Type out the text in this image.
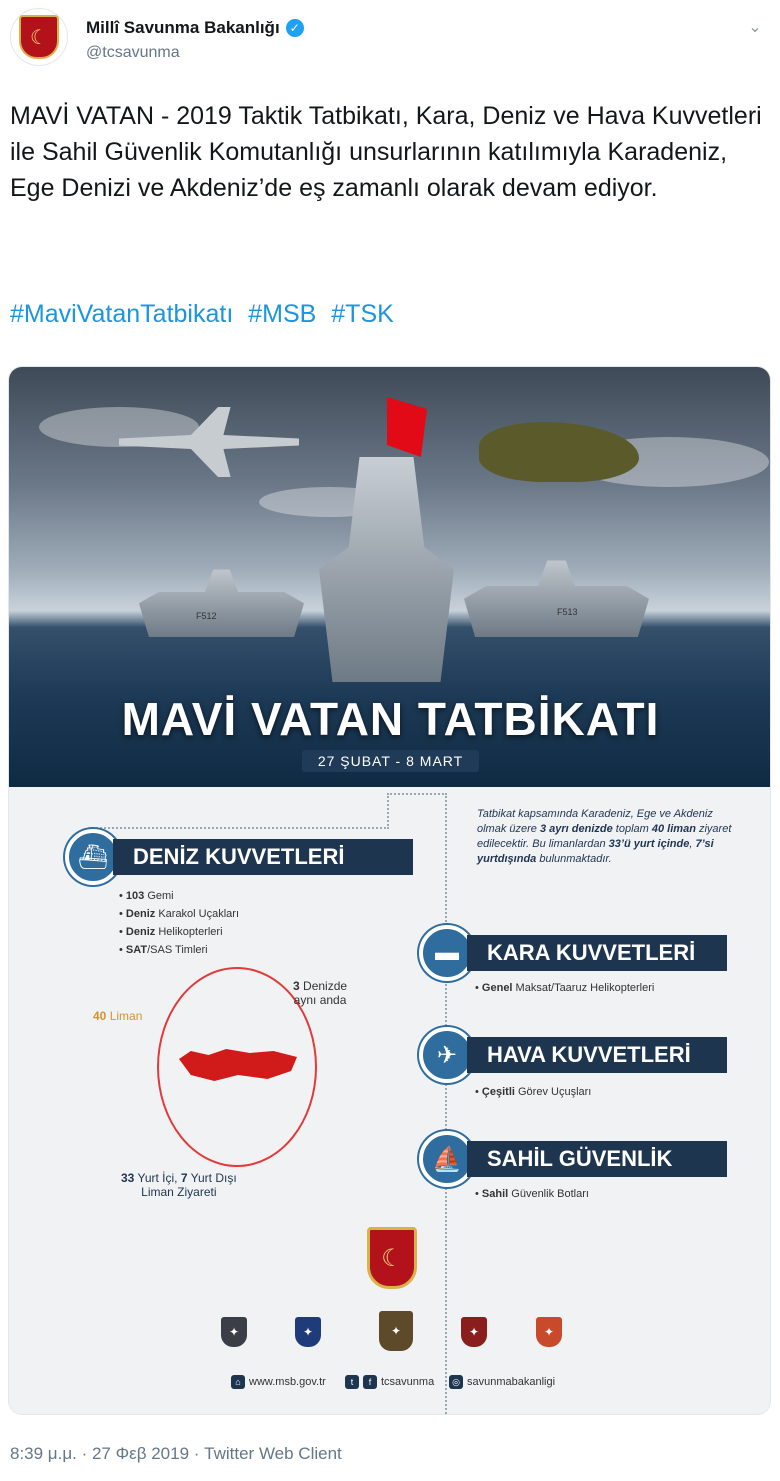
☾	Millî Savunma Bakanlığı ✓
@tcsavunma
⌄
MAVİ VATAN - 2019 Taktik Tatbikatı, Kara, Deniz ve Hava Kuvvetleri ile Sahil Güvenlik Komutanlığı unsurlarının katılımıyla Karadeniz, Ege Denizi ve Akdeniz’de eş zamanlı olarak devam ediyor.
#MaviVatanTatbikatı #MSB #TSK
F512	F513
MAVİ VATAN TATBİKATI
27 ŞUBAT - 8 MART
Tatbikat kapsamında Karadeniz, Ege ve Akdeniz olmak üzere 3 ayrı denizde toplam 40 liman ziyaret edilecektir. Bu limanlardan 33’ü yurt içinde, 7’si yurtdışında bulunmaktadır.
⛴	DENİZ KUVVETLERİ
• 103 Gemi
• Deniz Karakol Uçakları
• Deniz Helikopterleri
• SAT/SAS Timleri	▬	KARA KUVVETLERİ
• Genel Maksat/Taaruz Helikopterleri
✈	HAVA KUVVETLERİ
• Çeşitli Görev Uçuşları
⛵	SAHİL GÜVENLİK
• Sahil Güvenlik Botları
40 Liman
3 Denizde
aynı anda
33 Yurt İçi, 7 Yurt Dışı
Liman Ziyareti
☾
✦	✦	✦	✦	✦
⌂ www.msb.gov.tr	t	f tcsavunma	◎ savunmabakanligi
8:39 μ.μ. · 27 Φεβ 2019 · Twitter Web Client
